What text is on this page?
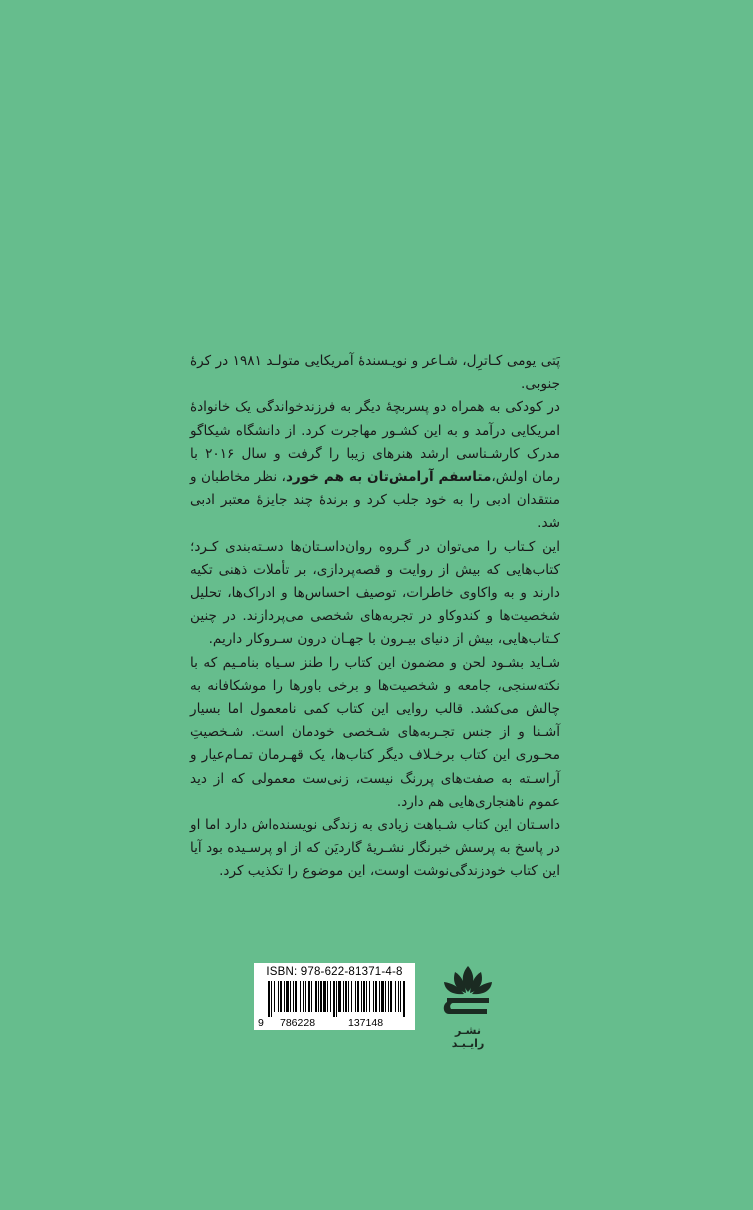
پَتی یومی کـاترِل، شـاعر و نویـسندهٔ آمریکایی متولـد ۱۹۸۱ در کرهٔ جنوبی.

در کودکی به همراه دو پسربچهٔ دیگر به فرزندخواندگی یک خانوادهٔ امریکایی درآمد و به این کشـور مهاجرت کرد. از دانشگاه شیکاگو مدرک کارشـناسی ارشد هنرهای زیبا را گرفت و سال ۲۰۱۶ با رمان اولش،متاسفم آرامش‌تان به هم خورد، نظر مخاطبان و منتقدان ادبی را به خود جلب کرد و برندهٔ چند جایزهٔ معتبر ادبی شد.

این کـتاب را می‌توان در گـروه روان‌داسـتان‌ها دسـته‌بندی کـرد؛ کتاب‌هایی که بیش از روایت و قصه‌پردازی، بر تأملات ذهنی تکیه دارند و به واکاوی خاطرات، توصیف احساس‌ها و ادراک‌ها، تحلیل شخصیت‌ها و کندوکاو در تجربه‌های شخصی می‌پردازند. در چنین کـتاب‌هایی، بیش از دنیای بیـرون با جهـان درون سـروکار داریم.

شـاید بشـود لحن و مضمون این کتاب را طنز سـیاه بنامـیم که با نکته‌سنجی، جامعه و شخصیت‌ها و برخی باورها را موشکافانه به چالش می‌کشد. قالب روایی این کتاب کمی نامعمول اما بسیار آشـنا و از جنس تجـربه‌های شـخصی خودمان است. شـخصیتِ محـوری این کتاب برخـلاف دیگر کتاب‌ها، یک قهـرمان تمـام‌عیار و آراسـته به صفت‌های پررنگ نیست، زنی‌ست معمولی که از دید عموم ناهنجاری‌هایی هم دارد.

داسـتان این کتاب شـباهت زیادی به زندگی نویسنده‌اش دارد اما او در پاسخ به پرسش خبرنگار نشـریهٔ گاردیَن که از او پرسـیده بود آیا این کتاب خودزندگی‌نوشت اوست، این موضوع را تکذیب کرد.

ISBN: 978-622-81371-4-8
9 786228	137148
نشـر رایـبـد
